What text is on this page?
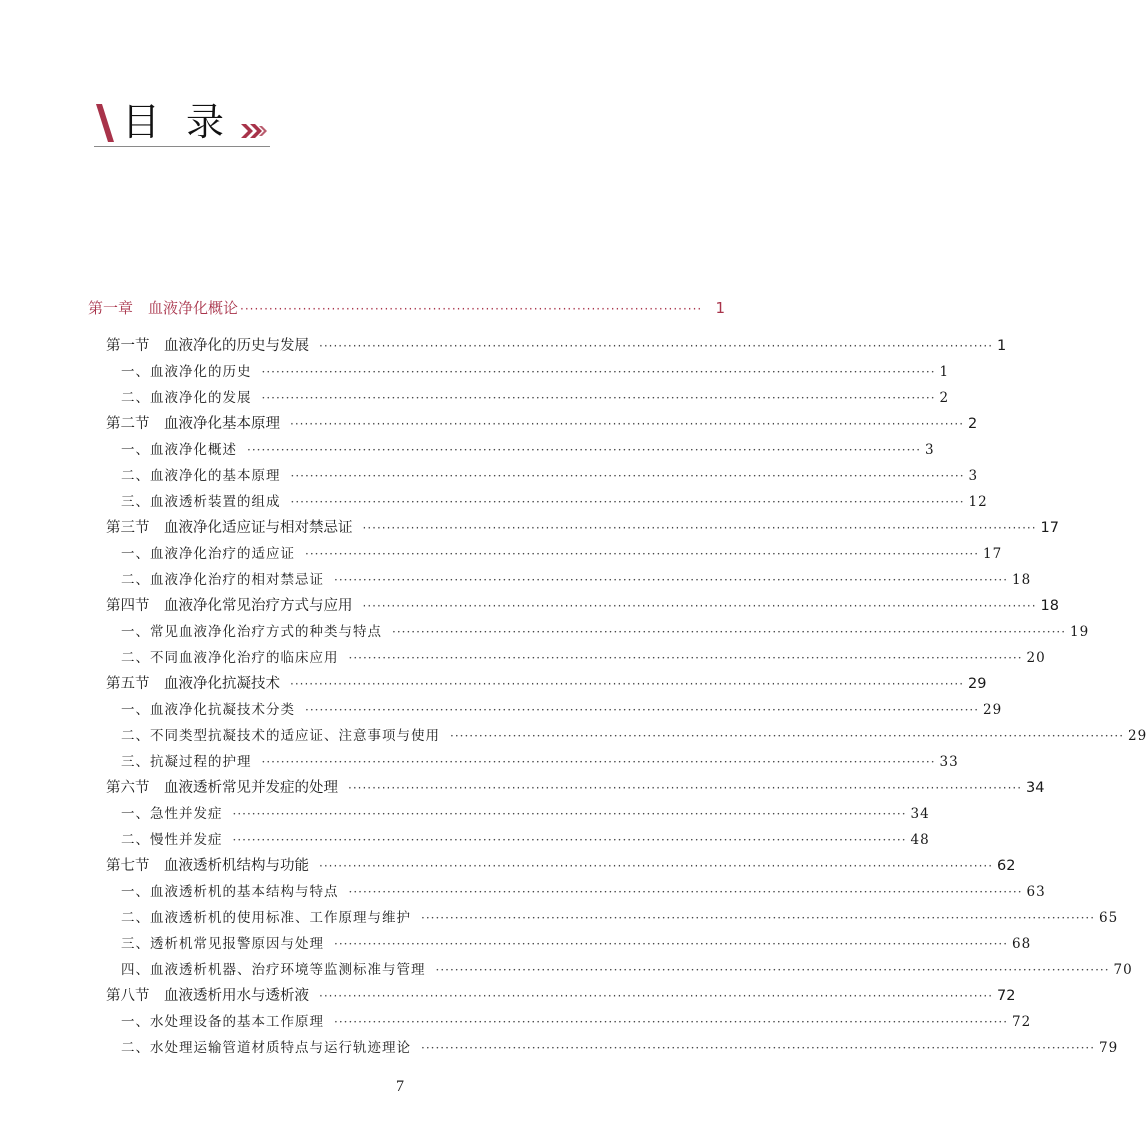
目 录
第一章　血液净化概论 ································································································ 1
第一节　血液净化的历史与发展 ············································································································································ 1
一、血液净化的历史 ············································································································································ 1
二、血液净化的发展 ············································································································································ 2
第二节　血液净化基本原理 ············································································································································ 2
一、血液净化概述 ············································································································································ 3
二、血液净化的基本原理 ············································································································································ 3
三、血液透析装置的组成 ············································································································································ 12
第三节　血液净化适应证与相对禁忌证 ············································································································································ 17
一、血液净化治疗的适应证 ············································································································································ 17
二、血液净化治疗的相对禁忌证 ············································································································································ 18
第四节　血液净化常见治疗方式与应用 ············································································································································ 18
一、常见血液净化治疗方式的种类与特点 ············································································································································ 19
二、不同血液净化治疗的临床应用 ············································································································································ 20
第五节　血液净化抗凝技术 ············································································································································ 29
一、血液净化抗凝技术分类 ············································································································································ 29
二、不同类型抗凝技术的适应证、注意事项与使用 ············································································································································ 29
三、抗凝过程的护理 ············································································································································ 33
第六节　血液透析常见并发症的处理 ············································································································································ 34
一、急性并发症 ············································································································································ 34
二、慢性并发症 ············································································································································ 48
第七节　血液透析机结构与功能 ············································································································································ 62
一、血液透析机的基本结构与特点 ············································································································································ 63
二、血液透析机的使用标准、工作原理与维护 ············································································································································ 65
三、透析机常见报警原因与处理 ············································································································································ 68
四、血液透析机器、治疗环境等监测标准与管理 ············································································································································ 70
第八节　血液透析用水与透析液 ············································································································································ 72
一、水处理设备的基本工作原理 ············································································································································ 72
二、水处理运输管道材质特点与运行轨迹理论 ············································································································································ 79
7
